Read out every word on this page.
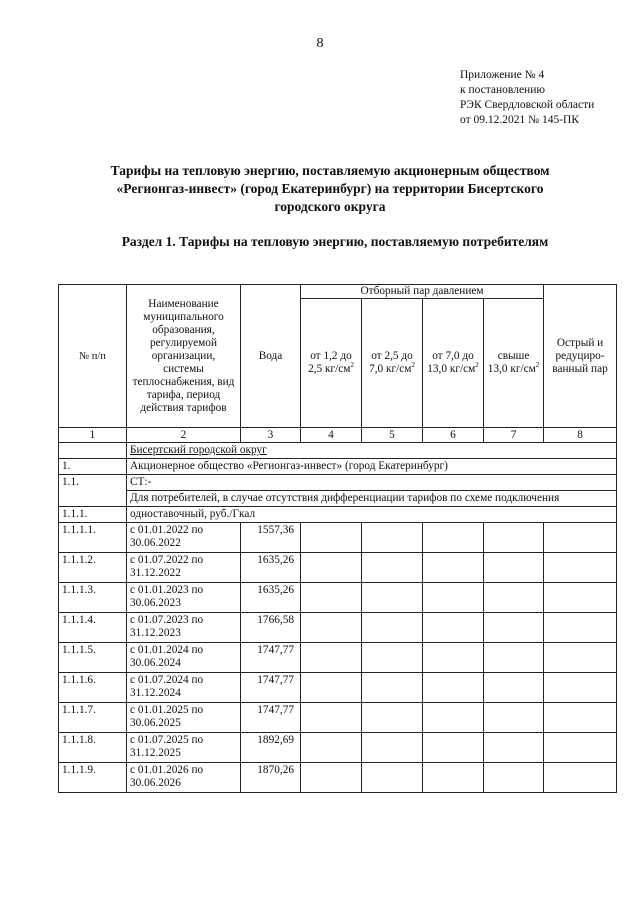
8
Приложение № 4
к постановлению
РЭК Свердловской области
от 09.12.2021 № 145-ПК
Тарифы на тепловую энергию, поставляемую акционерным обществом
«Регионгаз-инвест» (город Екатеринбург) на территории Бисертского
городского округа
Раздел 1. Тарифы на тепловую энергию, поставляемую потребителям
№ п/п	Наименование муниципального образования, регулируемой организации, системы теплоснабжения, вид тарифа, период действия тарифов	Вода	Отборный пар давлением				Острый и редуциро-ванный пар
			от 1,2 до 2,5 $кг/см^2$	от 2,5 до 7,0 $кг/см^2$	от 7,0 до 13,0 $кг/см^2$	свыше 13,0 $кг/см^2$
1	2	3	4	5	6	7	8
	Бисертский городской округ						
1.	Акционерное общество «Регионгаз-инвест» (город Екатеринбург)						
1.1.	СТ:-						
	Для потребителей, в случае отсутствия дифференциации тарифов по схеме подключения						
1.1.1.	одноставочный, руб./Гкал						
1.1.1.1.	с 01.01.2022 по 30.06.2022	1557,36					
1.1.1.2.	с 01.07.2022 по 31.12.2022	1635,26					
1.1.1.3.	с 01.01.2023 по 30.06.2023	1635,26					
1.1.1.4.	с 01.07.2023 по 31.12.2023	1766,58					
1.1.1.5.	с 01.01.2024 по 30.06.2024	1747,77					
1.1.1.6.	с 01.07.2024 по 31.12.2024	1747,77					
1.1.1.7.	с 01.01.2025 по 30.06.2025	1747,77					
1.1.1.8.	с 01.07.2025 по 31.12.2025	1892,69					
1.1.1.9.	с 01.01.2026 по 30.06.2026	1870,26					
